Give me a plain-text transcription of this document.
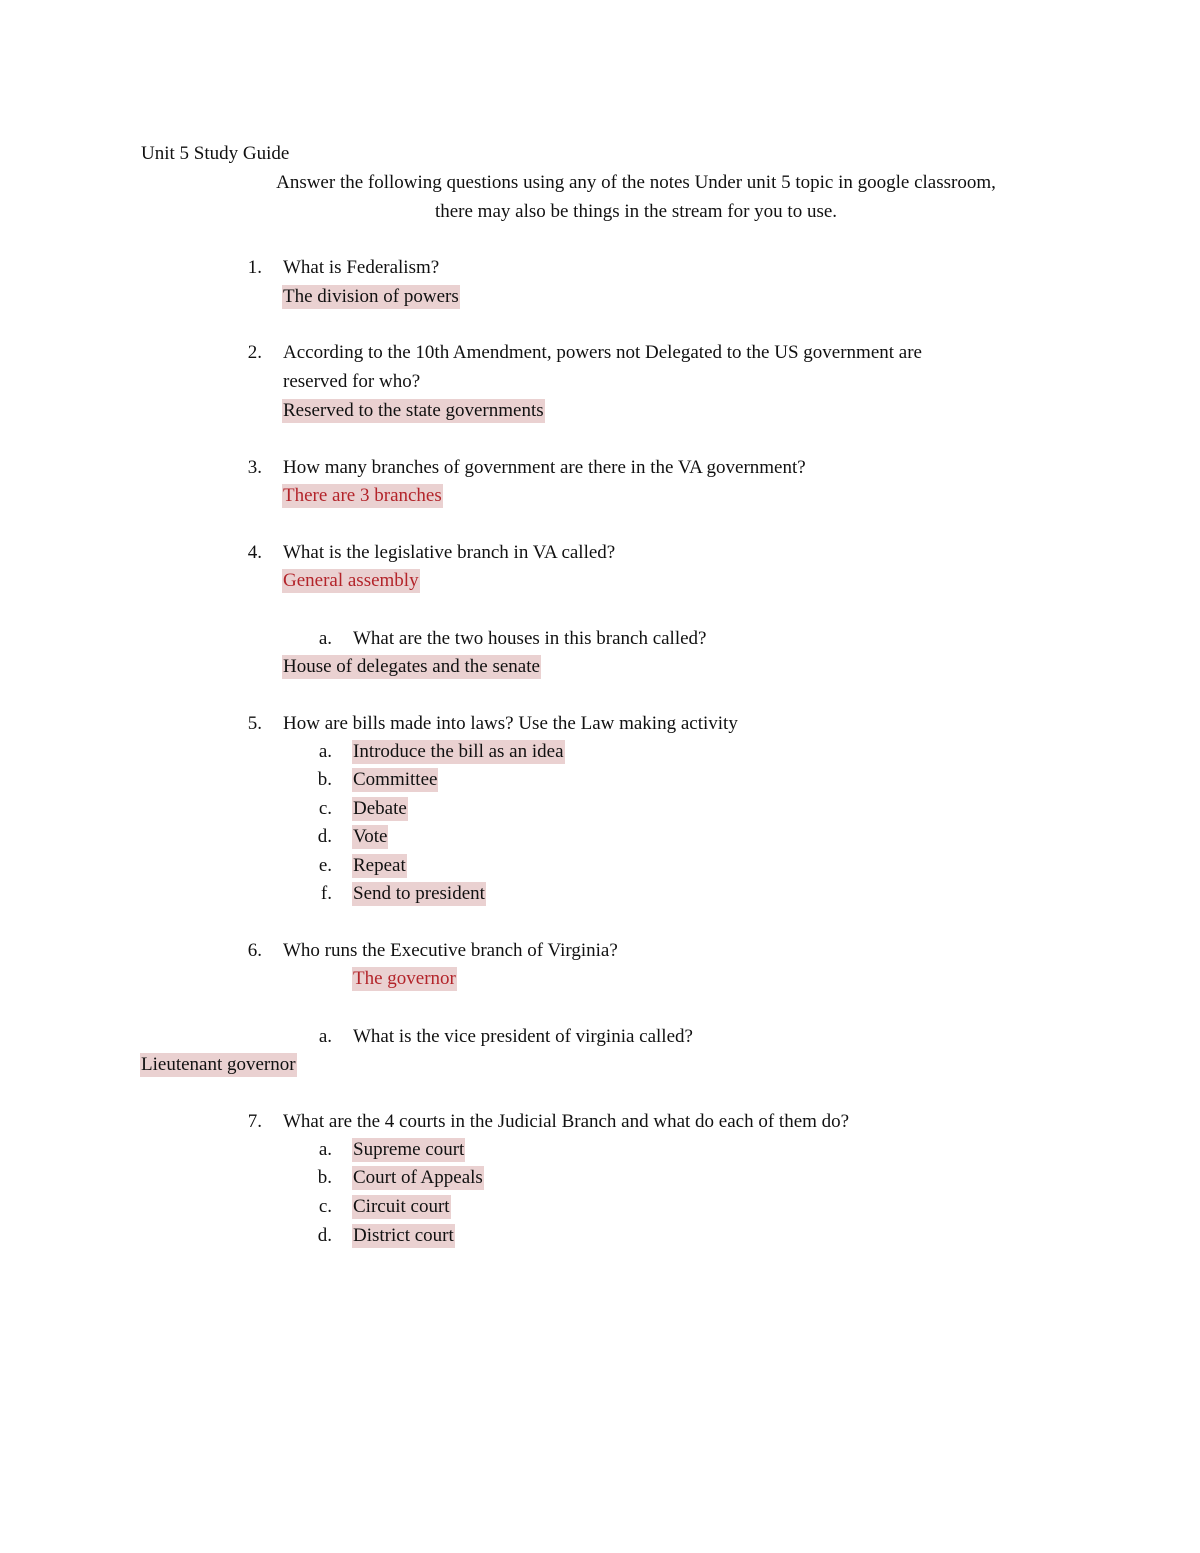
Unit 5 Study Guide
Answer the following questions using any of the notes Under unit 5 topic in google classroom,
there may also be things in the stream for you to use.
1. What is Federalism?
The division of powers
2. According to the 10th Amendment, powers not Delegated to the US government are
reserved for who?
Reserved to the state governments
3. How many branches of government are there in the VA government?
There are 3 branches
4. What is the legislative branch in VA called?
General assembly
a. What are the two houses in this branch called?
House of delegates and the senate
5. How are bills made into laws? Use the Law making activity
a. Introduce the bill as an idea
b. Committee
c. Debate
d. Vote
e. Repeat
f. Send to president
6. Who runs the Executive branch of Virginia?
The governor
a. What is the vice president of virginia called?
Lieutenant governor
7. What are the 4 courts in the Judicial Branch and what do each of them do?
a. Supreme court
b. Court of Appeals
c. Circuit court
d. District court
